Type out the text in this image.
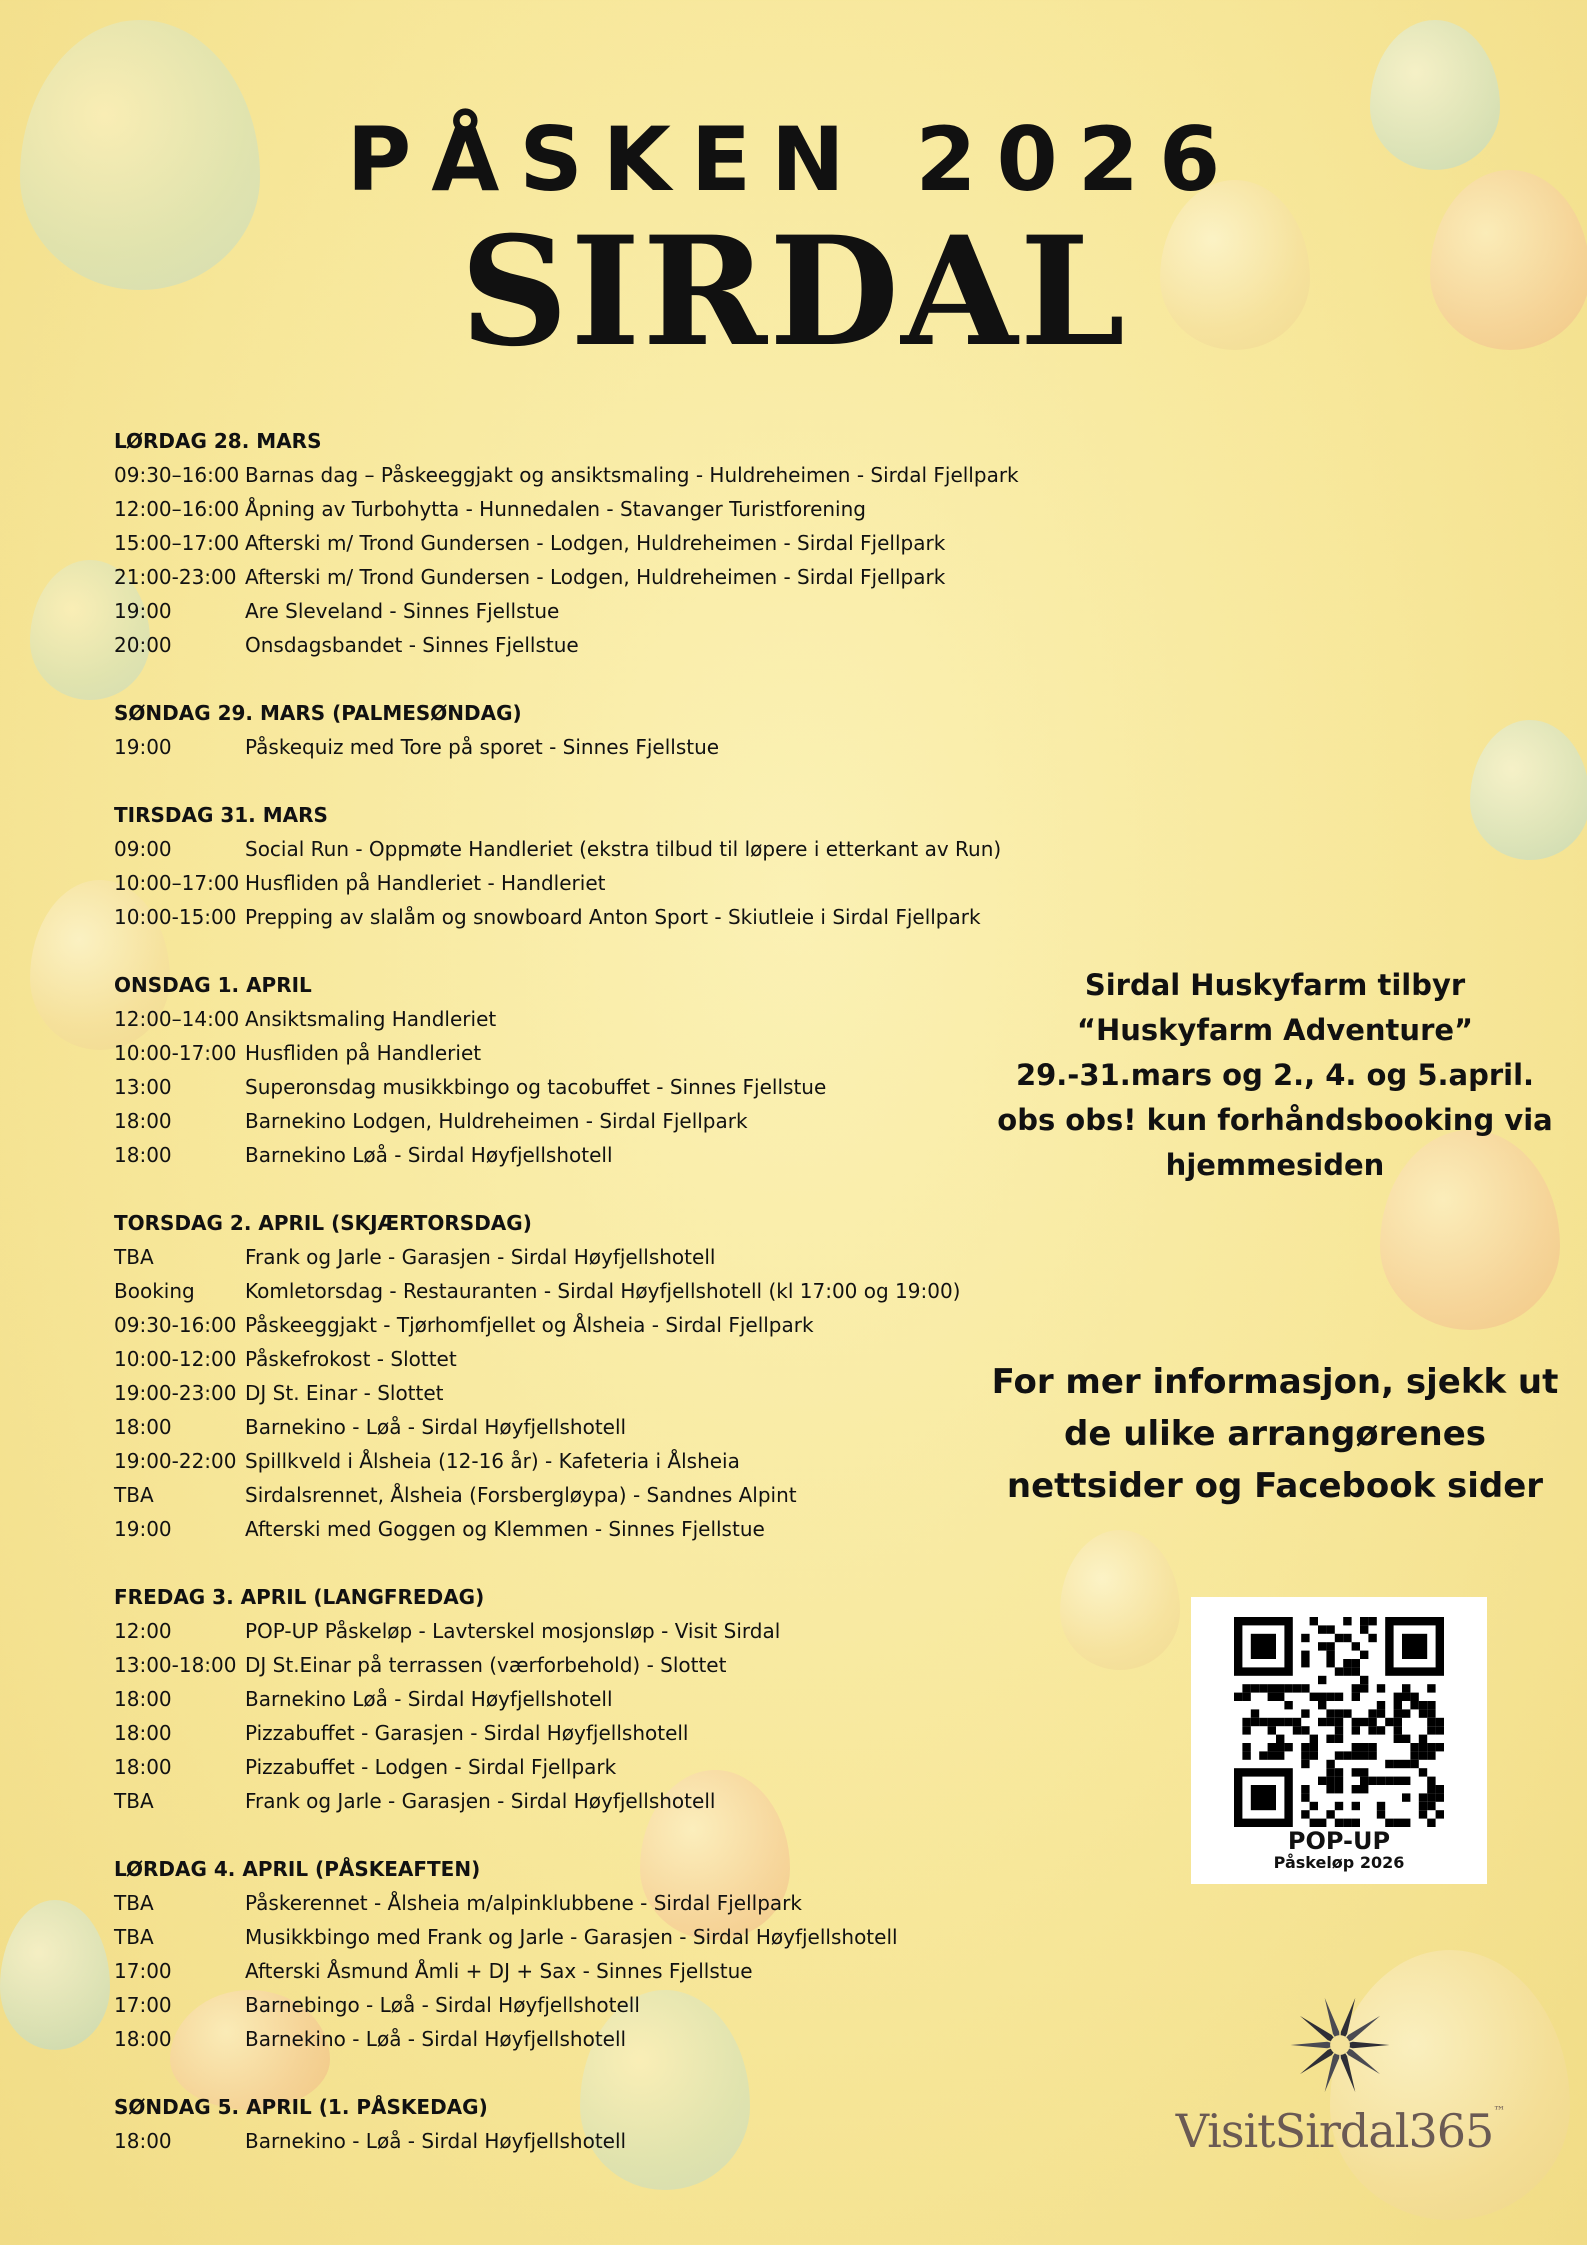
PÅSKEN 2026
SIRDAL
LØRDAG 28. MARS
09:30–16:00 Barnas dag – Påskeeggjakt og ansiktsmaling - Huldreheimen - Sirdal Fjellpark
12:00–16:00 Åpning av Turbohytta - Hunnedalen - Stavanger Turistforening
15:00–17:00 Afterski m/ Trond Gundersen - Lodgen, Huldreheimen - Sirdal Fjellpark
21:00-23:00 Afterski m/ Trond Gundersen - Lodgen, Huldreheimen - Sirdal Fjellpark
19:00	Are Sleveland - Sinnes Fjellstue
20:00	Onsdagsbandet - Sinnes Fjellstue
SØNDAG 29. MARS (PALMESØNDAG)
19:00	Påskequiz med Tore på sporet - Sinnes Fjellstue
TIRSDAG 31. MARS
09:00	Social Run - Oppmøte Handleriet (ekstra tilbud til løpere i etterkant av Run)
10:00–17:00 Husfliden på Handleriet - Handleriet
10:00-15:00 Prepping av slalåm og snowboard Anton Sport - Skiutleie i Sirdal Fjellpark
ONSDAG 1. APRIL
12:00–14:00 Ansiktsmaling Handleriet
10:00-17:00 Husfliden på Handleriet
13:00	Superonsdag musikkbingo og tacobuffet - Sinnes Fjellstue
18:00	Barnekino Lodgen, Huldreheimen - Sirdal Fjellpark
18:00	Barnekino Løå - Sirdal Høyfjellshotell
TORSDAG 2. APRIL (SKJÆRTORSDAG)
TBA	Frank og Jarle - Garasjen - Sirdal Høyfjellshotell
Booking	Komletorsdag - Restauranten - Sirdal Høyfjellshotell (kl 17:00 og 19:00)
09:30-16:00 Påskeeggjakt - Tjørhomfjellet og Ålsheia - Sirdal Fjellpark
10:00-12:00 Påskefrokost - Slottet
19:00-23:00 DJ St. Einar - Slottet
18:00	Barnekino - Løå - Sirdal Høyfjellshotell
19:00-22:00 Spillkveld i Ålsheia (12-16 år) - Kafeteria i Ålsheia
TBA	Sirdalsrennet, Ålsheia (Forsbergløypa) - Sandnes Alpint
19:00	Afterski med Goggen og Klemmen - Sinnes Fjellstue
FREDAG 3. APRIL (LANGFREDAG)
12:00	POP-UP Påskeløp - Lavterskel mosjonsløp - Visit Sirdal
13:00-18:00 DJ St.Einar på terrassen (værforbehold) - Slottet
18:00	Barnekino Løå - Sirdal Høyfjellshotell
18:00	Pizzabuffet - Garasjen - Sirdal Høyfjellshotell
18:00	Pizzabuffet - Lodgen - Sirdal Fjellpark
TBA	Frank og Jarle - Garasjen - Sirdal Høyfjellshotell
LØRDAG 4. APRIL (PÅSKEAFTEN)
TBA	Påskerennet - Ålsheia m/alpinklubbene - Sirdal Fjellpark
TBA	Musikkbingo med Frank og Jarle - Garasjen - Sirdal Høyfjellshotell
17:00	Afterski Åsmund Åmli + DJ + Sax - Sinnes Fjellstue
17:00	Barnebingo - Løå - Sirdal Høyfjellshotell
18:00	Barnekino - Løå - Sirdal Høyfjellshotell
SØNDAG 5. APRIL (1. PÅSKEDAG)
18:00	Barnekino - Løå - Sirdal Høyfjellshotell
Sirdal Huskyfarm tilbyr “Huskyfarm Adventure” 29.-31.mars og 2., 4. og 5.april. obs obs! kun forhåndsbooking via hjemmesiden
For mer informasjon, sjekk ut de ulike arrangørenes nettsider og Facebook sider
POP-UP
Påskeløp 2026
VisitSirdal365™
